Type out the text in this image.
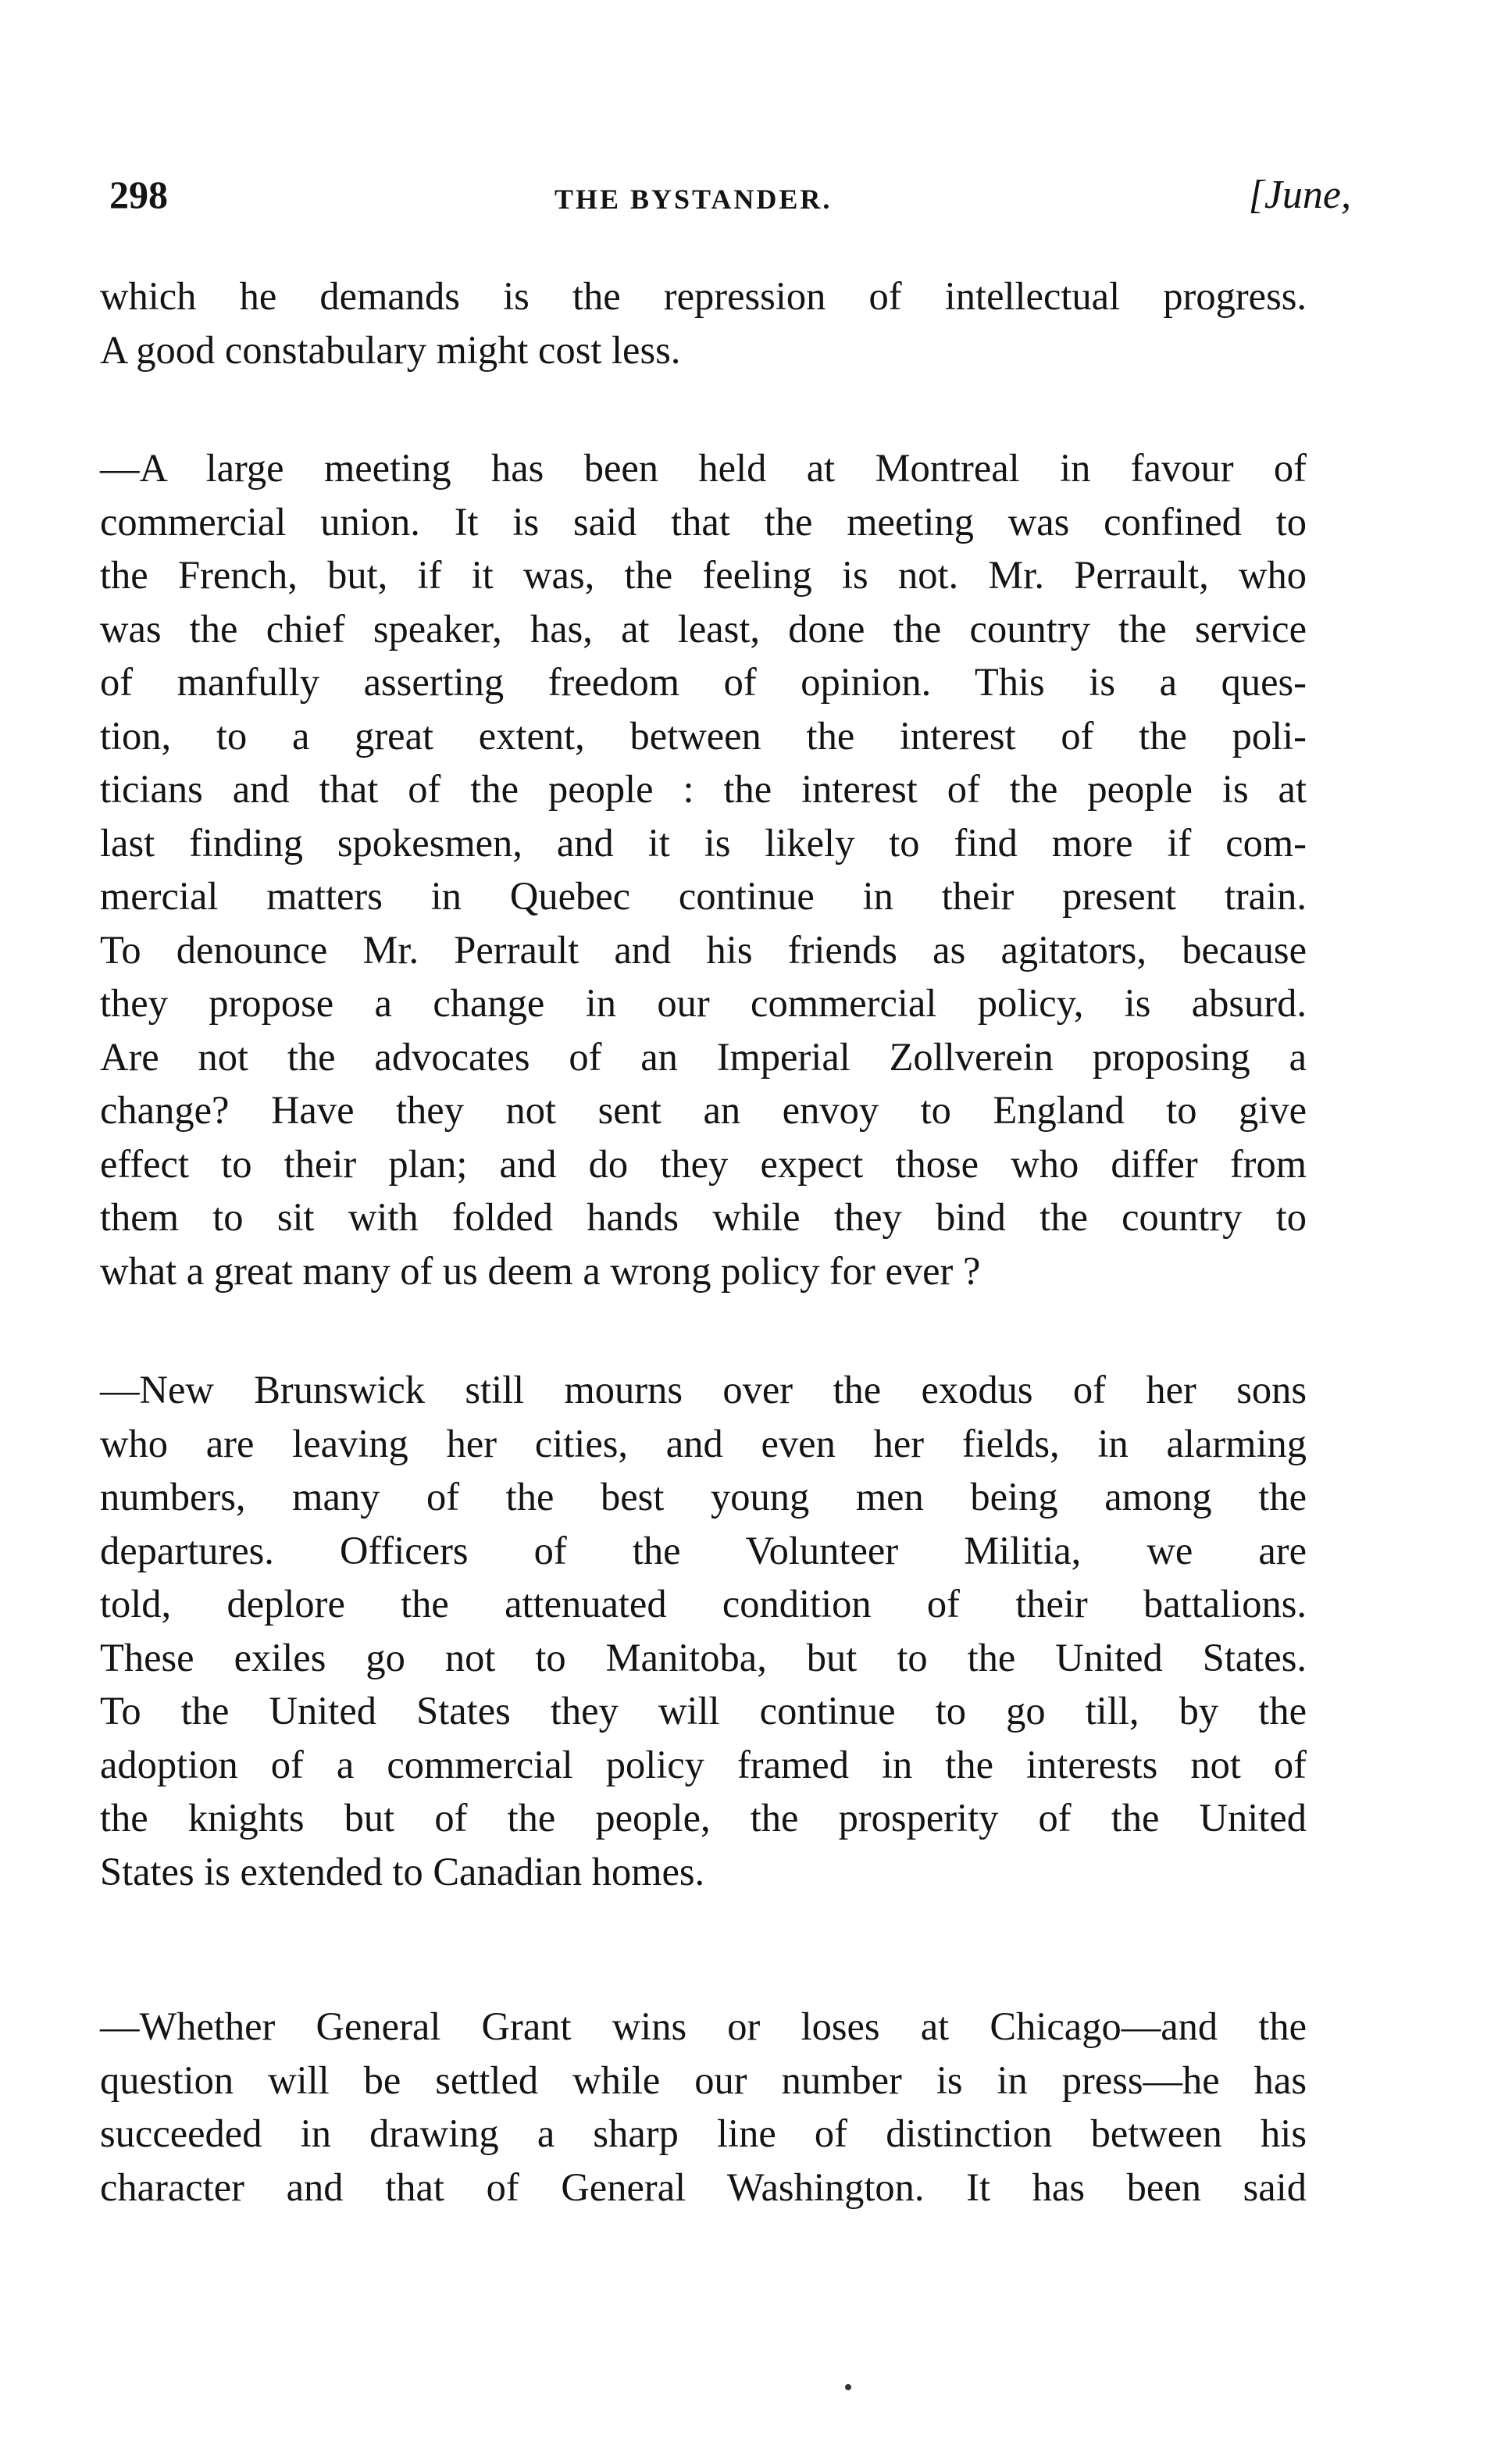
298	THE BYSTANDER.	[June,
which he demands is the repression of intellectual progress.
A good constabulary might cost less.
—A large meeting has been held at Montreal in favour of
commercial union. It is said that the meeting was confined to
the French, but, if it was, the feeling is not. Mr. Perrault, who
was the chief speaker, has, at least, done the country the service
of manfully asserting freedom of opinion. This is a ques-
tion, to a great extent, between the interest of the poli-
ticians and that of the people : the interest of the people is at
last finding spokesmen, and it is likely to find more if com-
mercial matters in Quebec continue in their present train.
To denounce Mr. Perrault and his friends as agitators, because
they propose a change in our commercial policy, is absurd.
Are not the advocates of an Imperial Zollverein proposing a
change? Have they not sent an envoy to England to give
effect to their plan; and do they expect those who differ from
them to sit with folded hands while they bind the country to
what a great many of us deem a wrong policy for ever ?
—New Brunswick still mourns over the exodus of her sons
who are leaving her cities, and even her fields, in alarming
numbers, many of the best young men being among the
departures. Officers of the Volunteer Militia, we are
told, deplore the attenuated condition of their battalions.
These exiles go not to Manitoba, but to the United States.
To the United States they will continue to go till, by the
adoption of a commercial policy framed in the interests not of
the knights but of the people, the prosperity of the United
States is extended to Canadian homes.
—Whether General Grant wins or loses at Chicago—and the
question will be settled while our number is in press—he has
succeeded in drawing a sharp line of distinction between his
character and that of General Washington. It has been said
